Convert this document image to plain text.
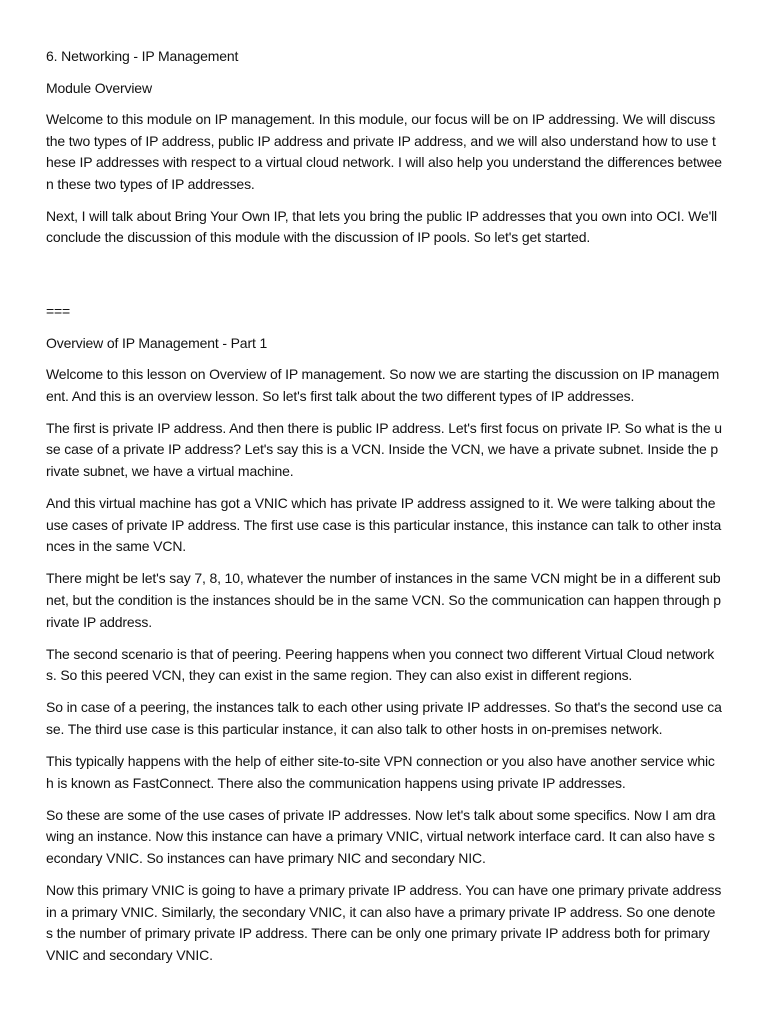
6. Networking - IP Management

Module Overview

Welcome to this module on IP management. In this module, our focus will be on IP addressing. We will discuss the two types of IP address, public IP address and private IP address, and we will also understand how to use these IP addresses with respect to a virtual cloud network. I will also help you understand the differences between these two types of IP addresses.

Next, I will talk about Bring Your Own IP, that lets you bring the public IP addresses that you own into OCI. We'll conclude the discussion of this module with the discussion of IP pools. So let's get started.

===

Overview of IP Management - Part 1

Welcome to this lesson on Overview of IP management. So now we are starting the discussion on IP management. And this is an overview lesson. So let's first talk about the two different types of IP addresses.

The first is private IP address. And then there is public IP address. Let's first focus on private IP. So what is the use case of a private IP address? Let's say this is a VCN. Inside the VCN, we have a private subnet. Inside the private subnet, we have a virtual machine.

And this virtual machine has got a VNIC which has private IP address assigned to it. We were talking about the use cases of private IP address. The first use case is this particular instance, this instance can talk to other instances in the same VCN.

There might be let's say 7, 8, 10, whatever the number of instances in the same VCN might be in a different subnet, but the condition is the instances should be in the same VCN. So the communication can happen through private IP address.

The second scenario is that of peering. Peering happens when you connect two different Virtual Cloud networks. So this peered VCN, they can exist in the same region. They can also exist in different regions.

So in case of a peering, the instances talk to each other using private IP addresses. So that's the second use case. The third use case is this particular instance, it can also talk to other hosts in on-premises network.

This typically happens with the help of either site-to-site VPN connection or you also have another service which is known as FastConnect. There also the communication happens using private IP addresses.

So these are some of the use cases of private IP addresses. Now let's talk about some specifics. Now I am drawing an instance. Now this instance can have a primary VNIC, virtual network interface card. It can also have secondary VNIC. So instances can have primary NIC and secondary NIC.

Now this primary VNIC is going to have a primary private IP address. You can have one primary private address in a primary VNIC. Similarly, the secondary VNIC, it can also have a primary private IP address. So one denotes the number of primary private IP address. There can be only one primary private IP address both for primary VNIC and secondary VNIC.
